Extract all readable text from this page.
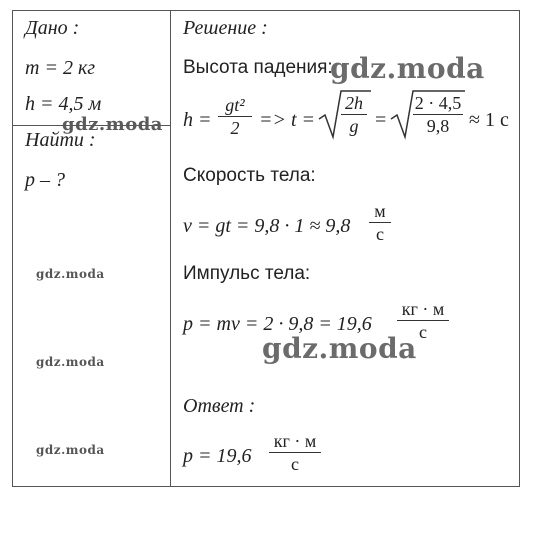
Дано :
m = 2 кг
h = 4,5 м
Найти :
p – ?
Решение :
Высота падения:
h =
gt²
2 => t =
2h
g =
2 · 4,5
9,8 ≈ 1 с
Скорость тела:
v = gt = 9,8 · 1 ≈ 9,8
м
с
Импульс тела:
p = mv = 2 · 9,8 = 19,6
кг · м
с
Ответ :
p = 19,6
кг · м
с
gdz.moda
gdz.moda
gdz.moda
gdz.moda
gdz.moda
gdz.moda
